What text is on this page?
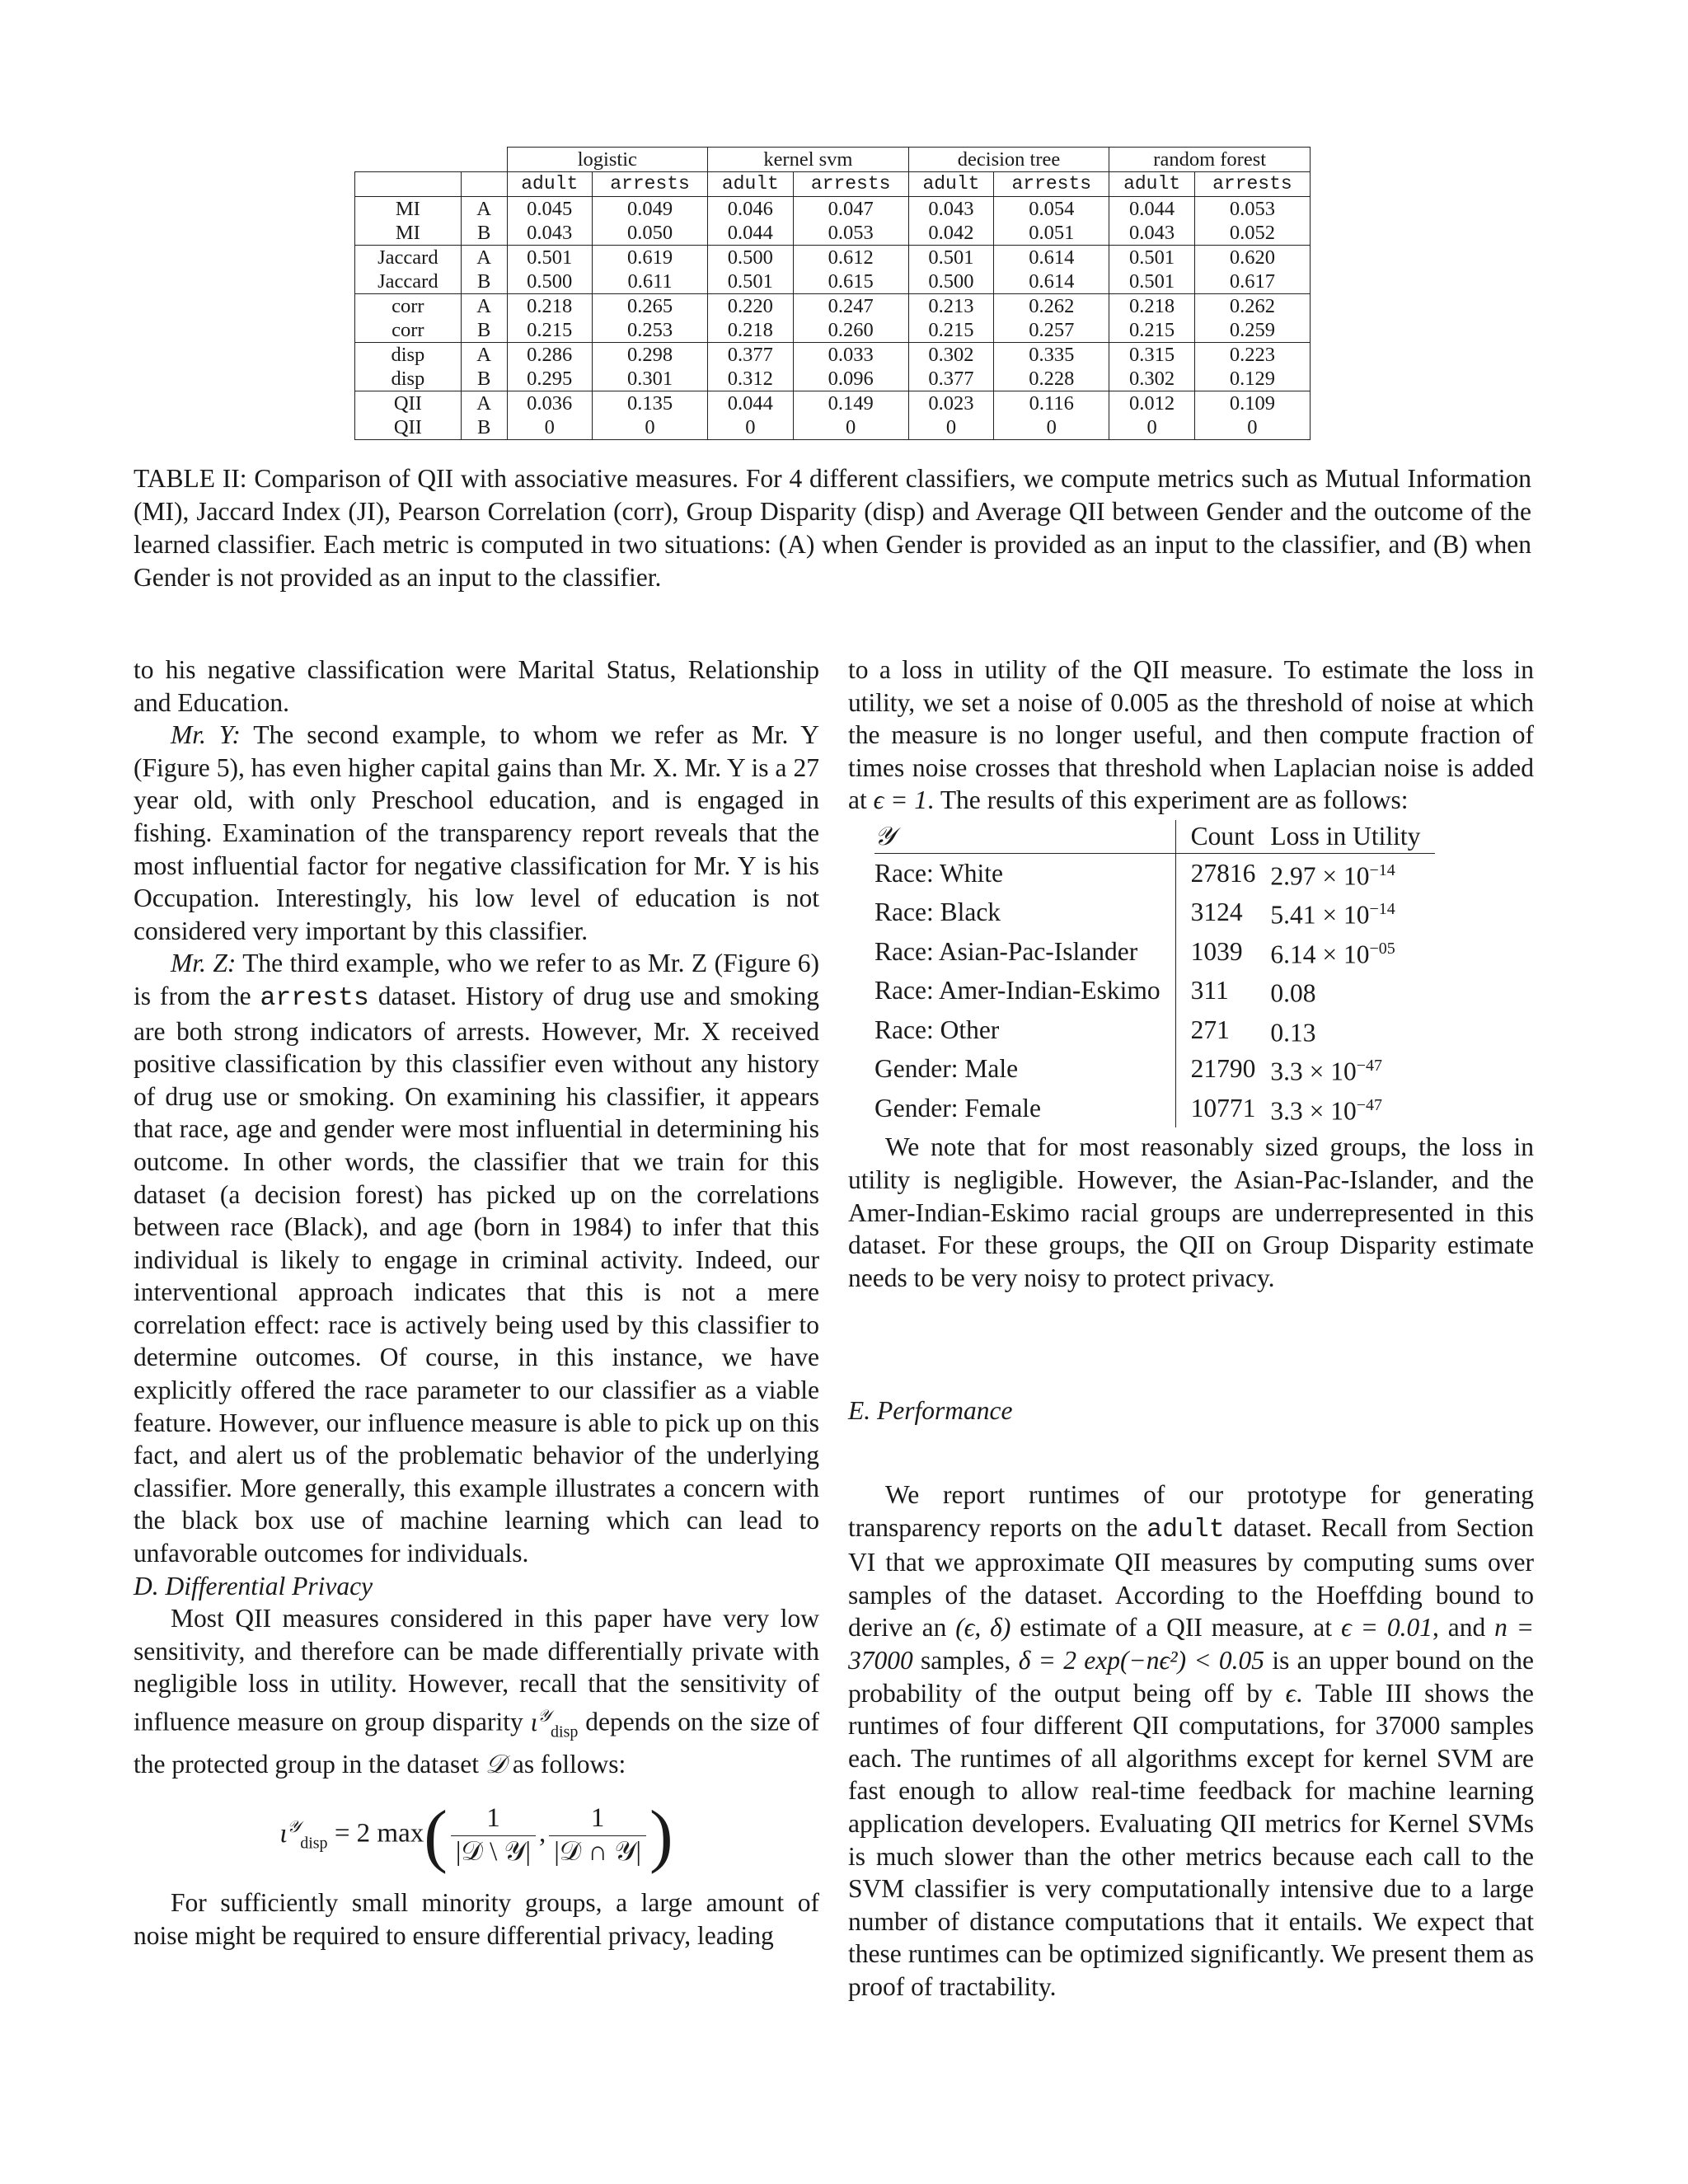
		logistic		kernel svm		decision tree		random forest	
		adult	arrests	adult	arrests	adult	arrests	adult	arrests
MI	A	0.045	0.049	0.046	0.047	0.043	0.054	0.044	0.053
MI	B	0.043	0.050	0.044	0.053	0.042	0.051	0.043	0.052
Jaccard	A	0.501	0.619	0.500	0.612	0.501	0.614	0.501	0.620
Jaccard	B	0.500	0.611	0.501	0.615	0.500	0.614	0.501	0.617
corr	A	0.218	0.265	0.220	0.247	0.213	0.262	0.218	0.262
corr	B	0.215	0.253	0.218	0.260	0.215	0.257	0.215	0.259
disp	A	0.286	0.298	0.377	0.033	0.302	0.335	0.315	0.223
disp	B	0.295	0.301	0.312	0.096	0.377	0.228	0.302	0.129
QII	A	0.036	0.135	0.044	0.149	0.023	0.116	0.012	0.109
QII	B	0	0	0	0	0	0	0	0
TABLE II: Comparison of QII with associative measures. For 4 different classifiers, we compute metrics such as Mutual Information (MI), Jaccard Index (JI), Pearson Correlation (corr), Group Disparity (disp) and Average QII between Gender and the outcome of the learned classifier. Each metric is computed in two situations: (A) when Gender is provided as an input to the classifier, and (B) when Gender is not provided as an input to the classifier.

to his negative classification were Marital Status, Relationship and Education.

Mr. Y: The second example, to whom we refer as Mr. Y (Figure 5), has even higher capital gains than Mr. X. Mr. Y is a 27 year old, with only Preschool education, and is engaged in fishing. Examination of the transparency report reveals that the most influential factor for negative classification for Mr. Y is his Occupation. Interestingly, his low level of education is not considered very important by this classifier.

Mr. Z: The third example, who we refer to as Mr. Z (Figure 6) is from the arrests dataset. History of drug use and smoking are both strong indicators of arrests. However, Mr. X received positive classification by this classifier even without any history of drug use or smoking. On examining his classifier, it appears that race, age and gender were most influential in determining his outcome. In other words, the classifier that we train for this dataset (a decision forest) has picked up on the correlations between race (Black), and age (born in 1984) to infer that this individual is likely to engage in criminal activity. Indeed, our interventional approach indicates that this is not a mere correlation effect: race is actively being used by this classifier to determine outcomes. Of course, in this instance, we have explicitly offered the race parameter to our classifier as a viable feature. However, our influence measure is able to pick up on this fact, and alert us of the problematic behavior of the underlying classifier. More generally, this example illustrates a concern with the black box use of machine learning which can lead to unfavorable outcomes for individuals.

D. Differential Privacy

Most QII measures considered in this paper have very low sensitivity, and therefore can be made differentially private with negligible loss in utility. However, recall that the sensitivity of influence measure on group disparity $\iota^𝒴_{disp}$ depends on the size of the protected group in the dataset 𝒟 as follows:

$\iota^𝒴_{disp} = 2$ $\max( \frac{1}{\text{|𝒟 \textbackslash{} 𝒴|}}$ , $\frac{1}{\text{|𝒟 ∩ 𝒴|}}$ )

For sufficiently small minority groups, a large amount of noise might be required to ensure differential privacy, leading

to a loss in utility of the QII measure. To estimate the loss in utility, we set a noise of 0.005 as the threshold of noise at which the measure is no longer useful, and then compute fraction of times noise crosses that threshold when Laplacian noise is added at ϵ = 1. The results of this experiment are as follows:

𝒴	Count	Loss in Utility
Race: White	27816	$2.97 \times 10^{-14}$
Race: Black	3124	$5.41 \times 10^{-14}$
Race: Asian-Pac-Islander	1039	$6.14 \times 10^{-05}$
Race: Amer-Indian-Eskimo	311	0.08
Race: Other	271	0.13
Gender: Male	21790	$3.3 \times 10^{-47}$
Gender: Female	10771	$3.3 \times 10^{-47}$

We note that for most reasonably sized groups, the loss in utility is negligible. However, the Asian-Pac-Islander, and the Amer-Indian-Eskimo racial groups are underrepresented in this dataset. For these groups, the QII on Group Disparity estimate needs to be very noisy to protect privacy.

E. Performance

We report runtimes of our prototype for generating transparency reports on the adult dataset. Recall from Section VI that we approximate QII measures by computing sums over samples of the dataset. According to the Hoeffding bound to derive an (ϵ, δ) estimate of a QII measure, at ϵ = 0.01, and n = 37000 samples, δ = 2 exp(−nϵ²) < 0.05 is an upper bound on the probability of the output being off by ϵ. Table III shows the runtimes of four different QII computations, for 37000 samples each. The runtimes of all algorithms except for kernel SVM are fast enough to allow real-time feedback for machine learning application developers. Evaluating QII metrics for Kernel SVMs is much slower than the other metrics because each call to the SVM classifier is very computationally intensive due to a large number of distance computations that it entails. We expect that these runtimes can be optimized significantly. We present them as proof of tractability.
